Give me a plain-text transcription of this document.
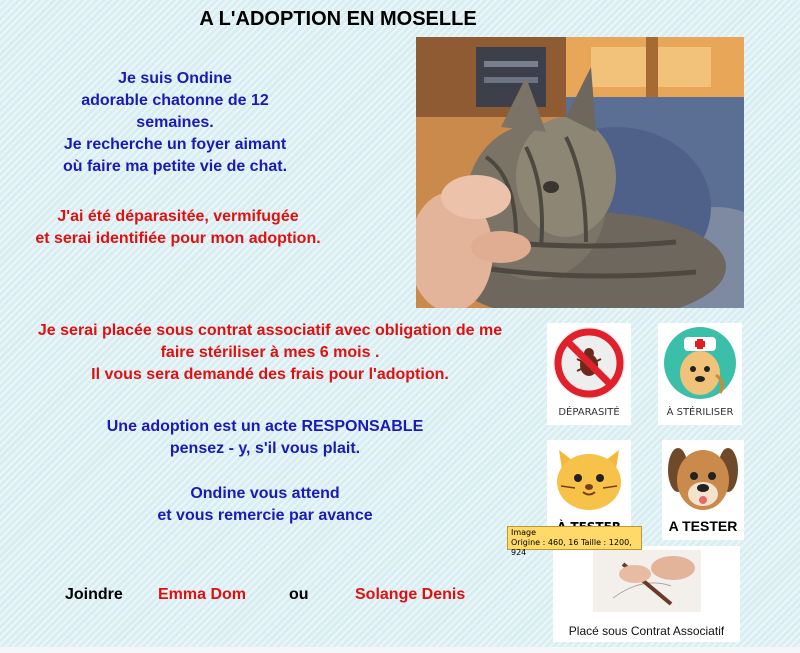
A L'ADOPTION EN MOSELLE
Je suis Ondine
adorable chatonne de 12
semaines.
Je recherche un foyer aimant
où faire ma petite vie de chat.
J'ai été déparasitée, vermifugée
et serai identifiée pour mon adoption.
Je serai placée sous contrat associatif avec obligation de me
faire stériliser à mes 6 mois .
Il vous sera demandé des frais pour l'adoption.
Une adoption est un acte RESPONSABLE
pensez - y, s'il vous plait.
Ondine vous attend
et vous remercie par avance
Joindre Emma Dom	ou	Solange Denis
DÉPARASITÉ	À STÉRILISER
A TESTER
Placé sous Contrat Associatif
Image
Origine : 460, 16 Taille : 1200, 924
